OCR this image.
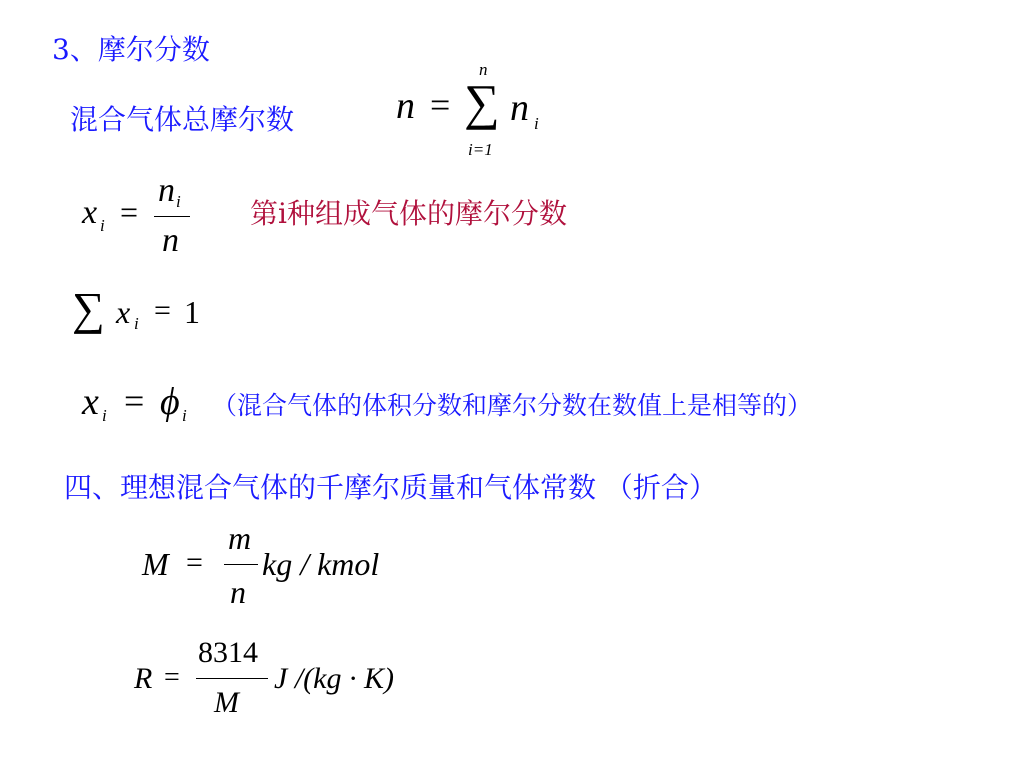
3、摩尔分数
混合气体总摩尔数	n =
n
∑
i=1
n i
x i =
n i
n
第i种组成气体的摩尔分数
∑ x i = 1
x i = ϕ i （混合气体的体积分数和摩尔分数在数值上是相等的）
四、理想混合气体的千摩尔质量和气体常数 （折合）
M =
m
n
kg / kmol
R =
8314
M
J /(kg · K)
